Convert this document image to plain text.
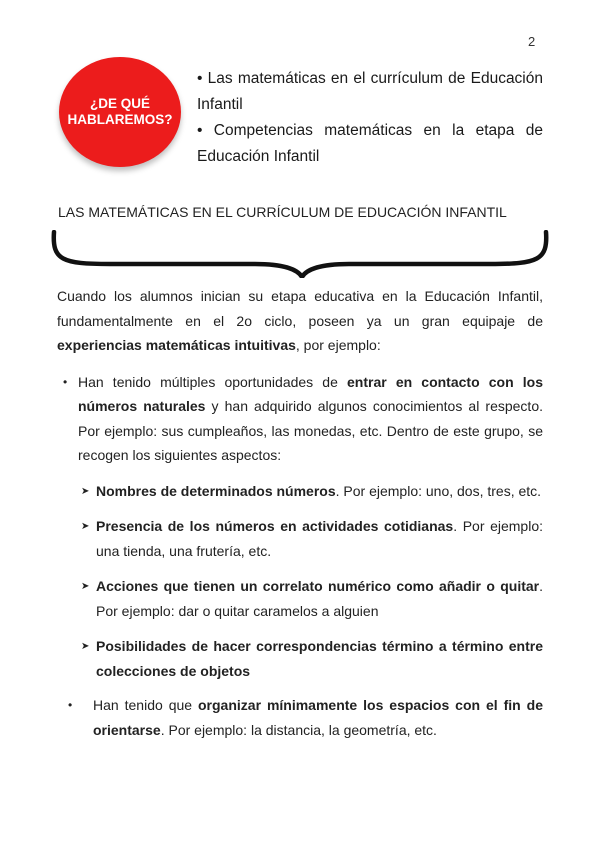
2
¿DE QUÉ
HABLAREMOS?

• Las matemáticas en el currículum de Educación Infantil

• Competencias matemáticas en la etapa de Educación Infantil

LAS MATEMÁTICAS EN EL CURRÍCULUM DE EDUCACIÓN INFANTIL

Cuando los alumnos inician su etapa educativa en la Educación Infantil, fundamentalmente en el 2o ciclo, poseen ya un gran equipaje de experiencias matemáticas intuitivas, por ejemplo:

• Han tenido múltiples oportunidades de entrar en contacto con los números naturales y han adquirido algunos conocimientos al respecto. Por ejemplo: sus cumpleaños, las monedas, etc. Dentro de este grupo, se recogen los siguientes aspectos:
➤ Nombres de determinados números. Por ejemplo: uno, dos, tres, etc.
➤ Presencia de los números en actividades cotidianas. Por ejemplo: una tienda, una frutería, etc.
➤ Acciones que tienen un correlato numérico como añadir o quitar. Por ejemplo: dar o quitar caramelos a alguien
➤ Posibilidades de hacer correspondencias término a término entre colecciones de objetos
• Han tenido que organizar mínimamente los espacios con el fin de orientarse. Por ejemplo: la distancia, la geometría, etc.
